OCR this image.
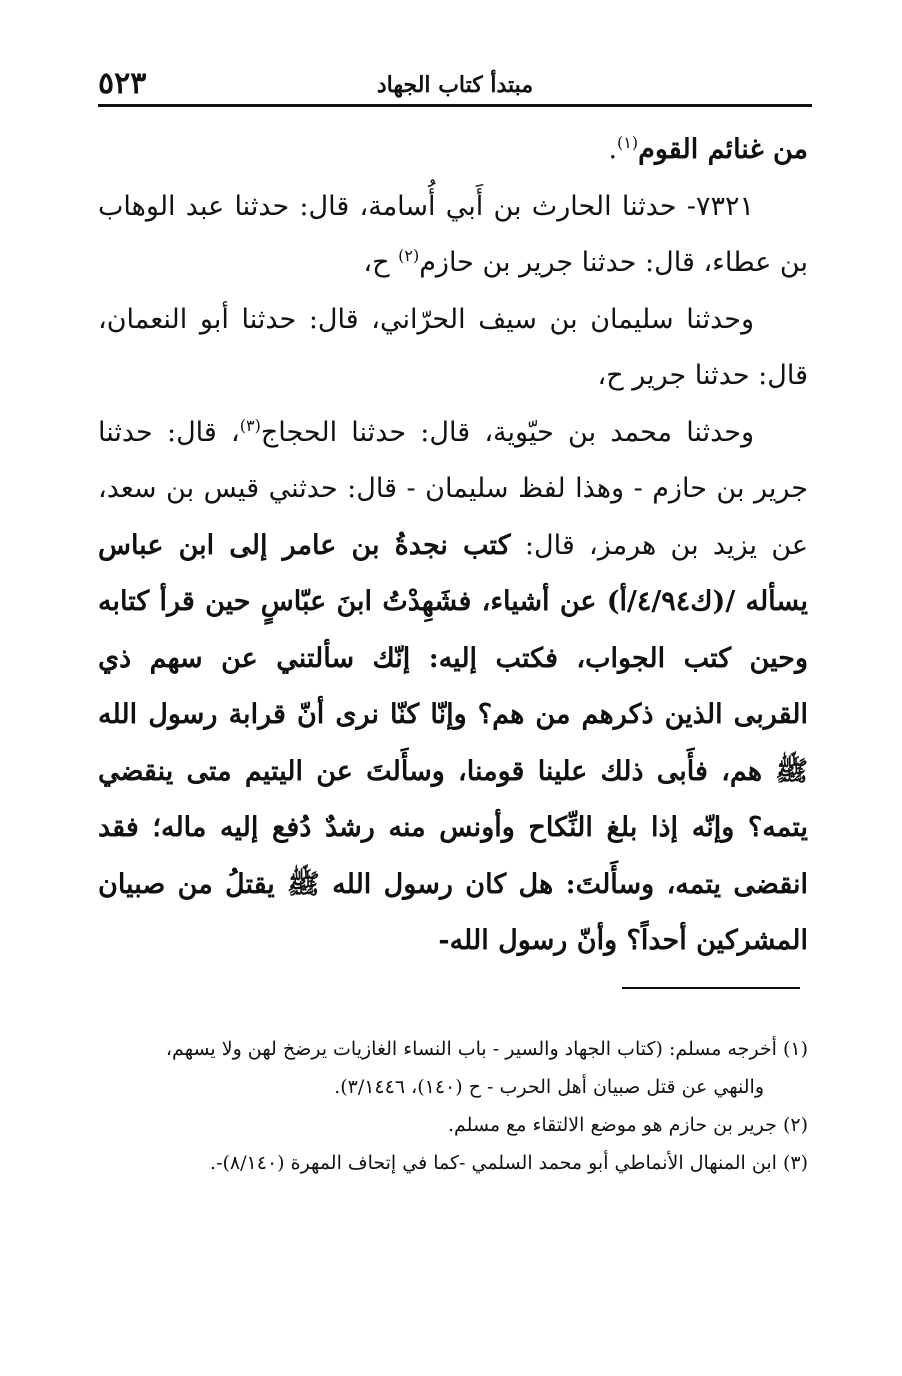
٥٢٣	مبتدأ كتاب الجهاد

من غنائم القوم$^{(١)}$.

٧٣٢١- حدثنا الحارث بن أَبي أُسامة، قال: حدثنا عبد الوهاب بن عطاء، قال: حدثنا جرير بن حازم$^{(٢)}$ ح،

وحدثنا سليمان بن سيف الحرّاني، قال: حدثنا أبو النعمان، قال: حدثنا جرير ح،

وحدثنا محمد بن حيّوية، قال: حدثنا الحجاج$^{(٣)}$، قال: حدثنا جرير بن حازم - وهذا لفظ سليمان - قال: حدثني قيس بن سعد، عن يزيد بن هرمز، قال: كتب نجدةُ بن عامر إلى ابن عباس يسأله /(ك٤/٩٤/أ) عن أشياء، فشَهِدْتُ ابنَ عبّاسٍ حين قرأ كتابه وحين كتب الجواب، فكتب إليه: إنّك سألتني عن سهم ذي القربى الذين ذكرهم من هم؟ وإنّا كنّا نرى أنّ قرابة رسول الله ﷺ هم، فأَبى ذلك علينا قومنا، وسأَلتَ عن اليتيم متى ينقضي يتمه؟ وإنّه إذا بلغ النِّكاح وأونس منه رشدٌ دُفع إليه ماله؛ فقد انقضى يتمه، وسأَلتَ: هل كان رسول الله ﷺ يقتلُ من صبيان المشركين أحداً؟ وأنّ رسول الله-

(١) أخرجه مسلم: (كتاب الجهاد والسير - باب النساء الغازيات يرضخ لهن ولا يسهم،

والنهي عن قتل صبيان أهل الحرب - ح (١٤٠)، ٣/١٤٤٦).

(٢) جرير بن حازم هو موضع الالتقاء مع مسلم.

(٣) ابن المنهال الأنماطي أبو محمد السلمي -كما في إتحاف المهرة (٨/١٤٠)-.
